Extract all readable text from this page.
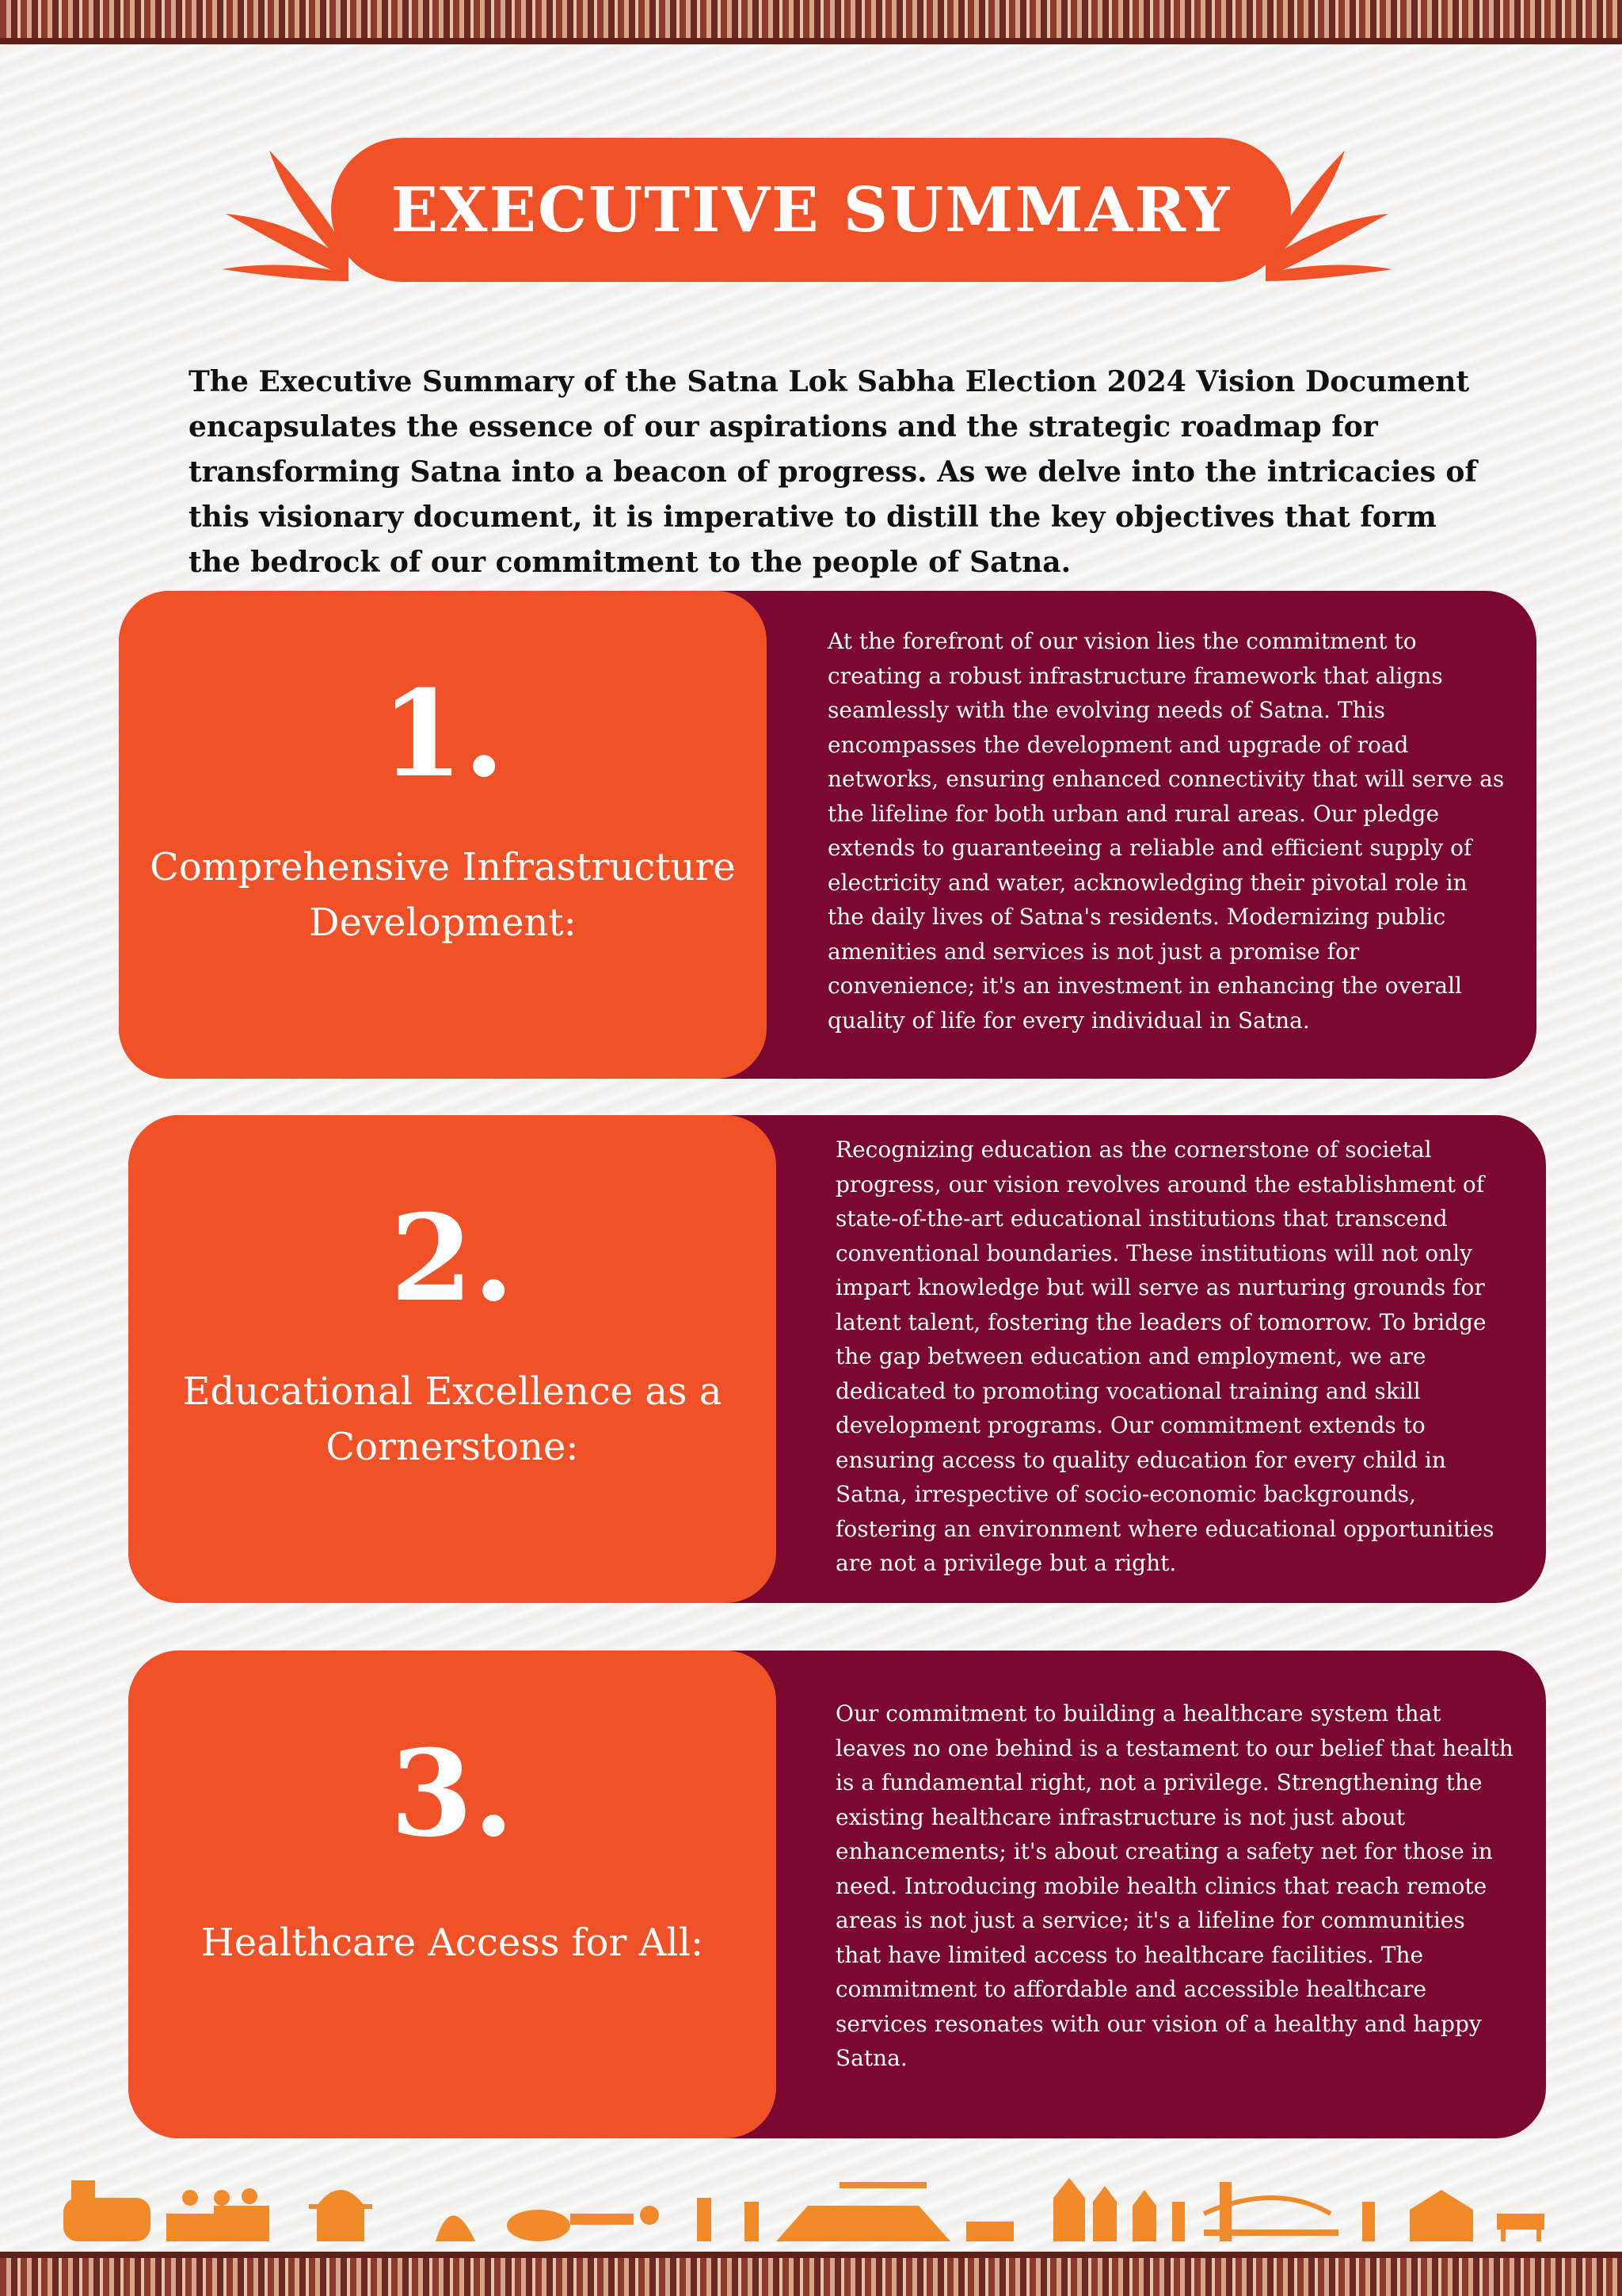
EXECUTIVE SUMMARY

The Executive Summary of the Satna Lok Sabha Election 2024 Vision Document encapsulates the essence of our aspirations and the strategic roadmap for transforming Satna into a beacon of progress. As we delve into the intricacies of this visionary document, it is imperative to distill the key objectives that form the bedrock of our commitment to the people of Satna.

1.
Comprehensive Infrastructure Development:
At the forefront of our vision lies the commitment to creating a robust infrastructure framework that aligns seamlessly with the evolving needs of Satna. This encompasses the development and upgrade of road networks, ensuring enhanced connectivity that will serve as the lifeline for both urban and rural areas. Our pledge extends to guaranteeing a reliable and efficient supply of electricity and water, acknowledging their pivotal role in the daily lives of Satna's residents. Modernizing public amenities and services is not just a promise for convenience; it's an investment in enhancing the overall quality of life for every individual in Satna.
2.
Educational Excellence as a Cornerstone:
Recognizing education as the cornerstone of societal progress, our vision revolves around the establishment of state-of-the-art educational institutions that transcend conventional boundaries. These institutions will not only impart knowledge but will serve as nurturing grounds for latent talent, fostering the leaders of tomorrow. To bridge the gap between education and employment, we are dedicated to promoting vocational training and skill development programs. Our commitment extends to ensuring access to quality education for every child in Satna, irrespective of socio-economic backgrounds, fostering an environment where educational opportunities are not a privilege but a right.
3.
Healthcare Access for All:
Our commitment to building a healthcare system that leaves no one behind is a testament to our belief that health is a fundamental right, not a privilege. Strengthening the existing healthcare infrastructure is not just about enhancements; it's about creating a safety net for those in need. Introducing mobile health clinics that reach remote areas is not just a service; it's a lifeline for communities that have limited access to healthcare facilities. The commitment to affordable and accessible healthcare services resonates with our vision of a healthy and happy Satna.
